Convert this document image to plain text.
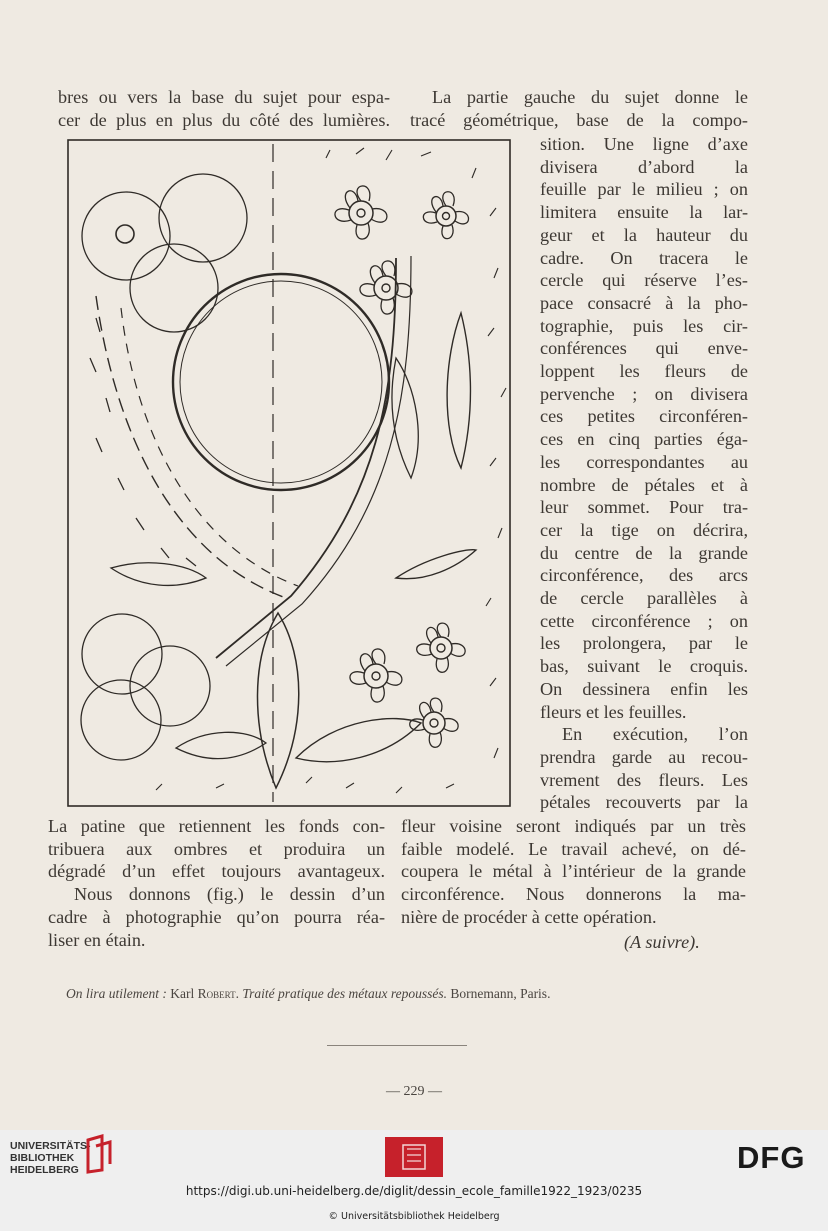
bres ou vers la base du sujet pour espa-
cer de plus en plus du côté des lumières.
La partie gauche du sujet donne le
tracé géométrique, base de la compo-
sition. Une ligne d’axe
divisera d’abord la
feuille par le milieu ; on
limitera ensuite la lar-
geur et la hauteur du
cadre. On tracera le
cercle qui réserve l’es-
pace consacré à la pho-
tographie, puis les cir-
conférences qui enve-
loppent les fleurs de
pervenche ; on divisera
ces petites circonféren-
ces en cinq parties éga-
les correspondantes au
nombre de pétales et à
leur sommet. Pour tra-
cer la tige on décrira,
du centre de la grande
circonférence, des arcs
de cercle parallèles à
cette circonférence ; on
les prolongera, par le
bas, suivant le croquis.
On dessinera enfin les
fleurs et les feuilles.
En exécution, l’on
prendra garde au recou-
vrement des fleurs. Les
pétales recouverts par la
La patine que retiennent les fonds con-
tribuera aux ombres et produira un
dégradé d’un effet toujours avantageux.
Nous donnons (fig.) le dessin d’un
cadre à photographie qu’on pourra réa-
liser en étain.
fleur voisine seront indiqués par un très
faible modelé. Le travail achevé, on dé-
coupera le métal à l’intérieur de la grande
circonférence. Nous donnerons la ma-
nière de procéder à cette opération.
(A suivre).
On lira utilement : Karl Robert. Traité pratique des métaux repoussés. Bornemann, Paris.
— 229 —
UNIVERSITÄTS-
BIBLIOTHEK
HEIDELBERG	DFG
https://digi.ub.uni-heidelberg.de/diglit/dessin_ecole_famille1922_1923/0235
© Universitätsbibliothek Heidelberg
